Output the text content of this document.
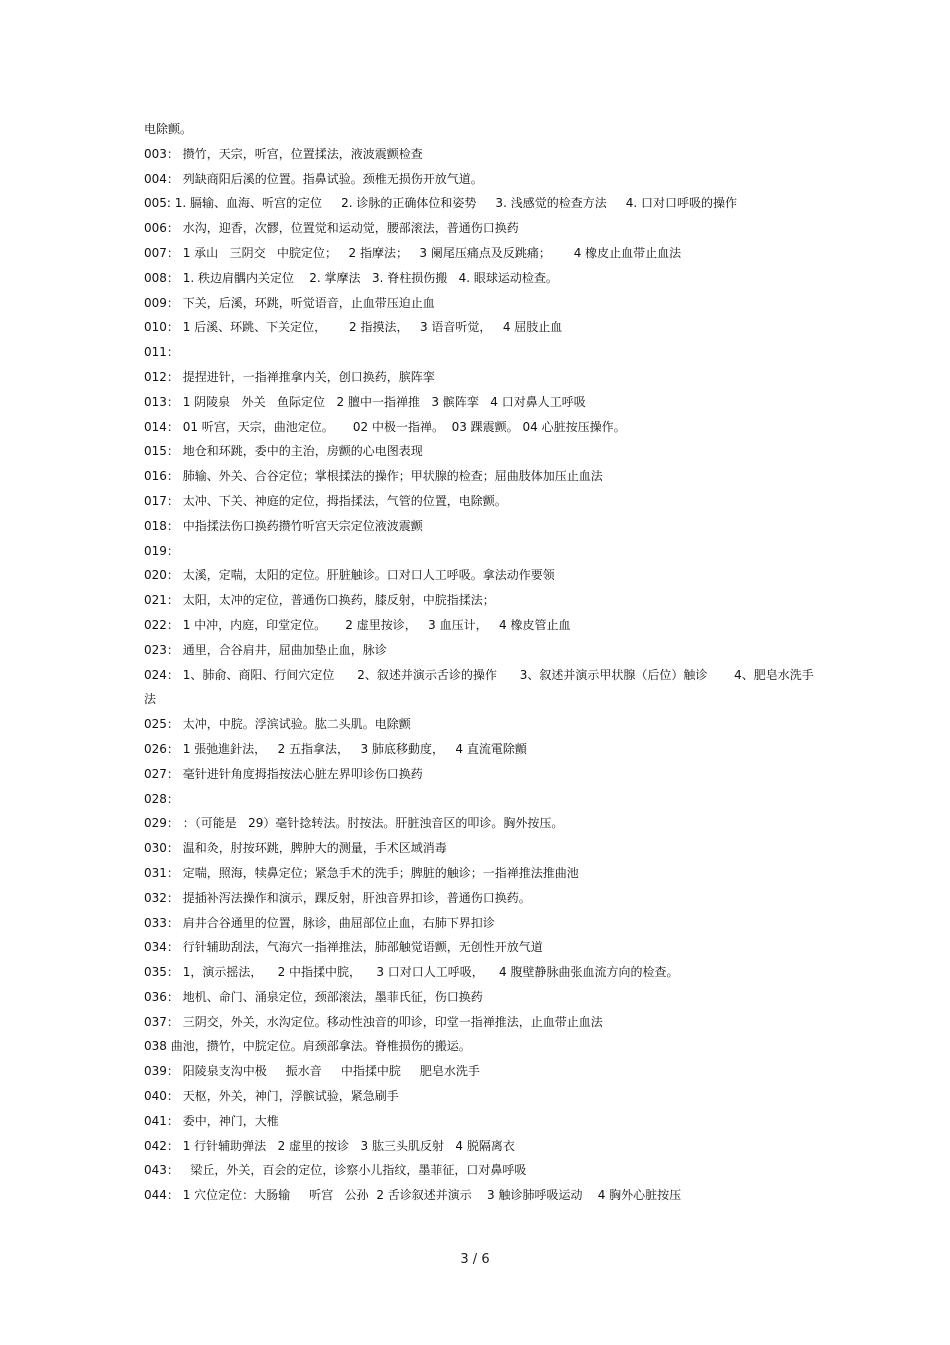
电除颤。
003： 攒竹，天宗，听宫，位置揉法，液波震颤检查
004： 列缺商阳后溪的位置。指鼻试验。颈椎无损伤开放气道。
005: 1. 膈输、血海、听宫的定位     2. 诊脉的正确体位和姿势     3. 浅感觉的检查方法     4. 口对口呼吸的操作
006： 水沟，迎香，次髎，位置觉和运动觉，腰部滚法，普通伤口换药
007： 1 承山   三阴交   中脘定位；   2 指摩法；   3 阑尾压痛点及反跳痛；      4 橡皮止血带止血法
008： 1. 秩边肩髃内关定位    2. 掌摩法   3. 脊柱损伤搬   4. 眼球运动检查。
009： 下关，后溪，环跳，听觉语音，止血带压迫止血
010： 1 后溪、环跳、下关定位，      2 指摸法，   3 语音听觉，   4 屈肢止血
011：
012： 提捏进针，一指禅推拿内关，创口换药，膑阵挛
013： 1 阴陵泉   外关   鱼际定位   2 膻中一指禅推   3 髌阵挛   4 口对鼻人工呼吸
014： 01 听宫，天宗，曲池定位。     02 中极一指禅。  03 踝震颤。 04 心脏按压操作。
015： 地仓和环跳，委中的主治，房颤的心电图表现
016： 肺输、外关、合谷定位；掌根揉法的操作；甲状腺的检查；屈曲肢体加压止血法
017： 太冲、下关、神庭的定位，拇指揉法，气管的位置，电除颤。
018： 中指揉法伤口换药攒竹听宫天宗定位液波震颤
019：
020： 太溪，定喘，太阳的定位。肝脏触诊。口对口人工呼吸。拿法动作要领
021： 太阳，太冲的定位，普通伤口换药，膝反射，中脘指揉法；
022： 1 中冲，内庭，印堂定位。     2 虚里按诊，   3 血压计，   4 橡皮管止血
023： 通里，合谷肩井，屈曲加垫止血，脉诊
024： 1、肺俞、商阳、行间穴定位      2、叙述并演示舌诊的操作      3、叙述并演示甲状腺（后位）触诊       4、肥皂水洗手法
025： 太冲，中脘。浮滨试验。肱二头肌。电除颤
026： 1 張弛進針法，   2 五指拿法，   3 肺底移動度，   4 直流電除顫
027： 毫针进针角度拇指按法心脏左界叩诊伤口换药
028：
029： ：（可能是   29）毫针捻转法。肘按法。肝脏浊音区的叩诊。胸外按压。
030： 温和灸，肘按环跳，脾肿大的测量，手术区域消毒
031： 定喘，照海，犊鼻定位；紧急手术的洗手；脾脏的触诊；一指禅推法推曲池
032： 提插补泻法操作和演示，踝反射，肝浊音界扣诊，普通伤口换药。
033： 肩井合谷通里的位置，脉诊，曲屈部位止血，右肺下界扣诊
034： 行针辅助刮法，气海穴一指禅推法，肺部触觉语颤，无创性开放气道
035： 1，演示摇法，    2 中指揉中脘，    3 口对口人工呼吸，    4 腹壁静脉曲张血流方向的检查。
036： 地机、命门、涌泉定位，颈部滚法，墨菲氏征，伤口换药
037： 三阴交，外关，水沟定位。移动性浊音的叩诊，印堂一指禅推法，止血带止血法
038 曲池，攒竹，中脘定位。肩颈部拿法。脊椎损伤的搬运。
039： 阳陵泉支沟中极     振水音     中指揉中脘     肥皂水洗手
040： 天枢，外关，神门，浮髌试验，紧急刷手
041： 委中，神门，大椎
042： 1 行针辅助弹法   2 虚里的按诊   3 肱三头肌反射   4 脱隔离衣
043：   梁丘，外关，百会的定位，诊察小儿指纹，墨菲征，口对鼻呼吸
044： 1 穴位定位：大肠输     听宫   公孙  2 舌诊叙述并演示    3 触诊肺呼吸运动    4 胸外心脏按压
3 / 6
